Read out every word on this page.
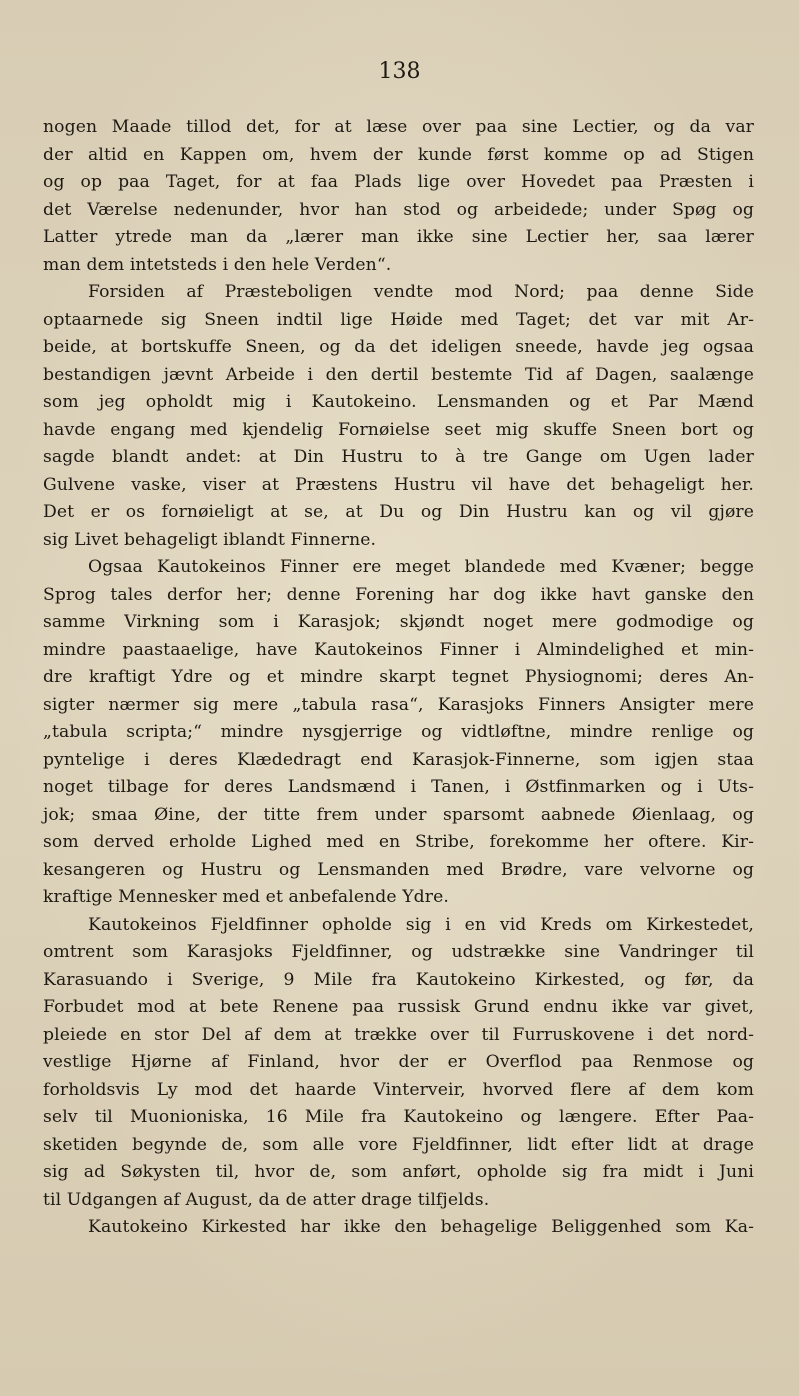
138
nogen Maade tillod det, for at læse over paa sine Lectier, og da var
der altid en Kappen om, hvem der kunde først komme op ad Stigen
og op paa Taget, for at faa Plads lige over Hovedet paa Præsten i
det Værelse nedenunder, hvor han stod og arbeidede; under Spøg og
Latter ytrede man da „lærer man ikke sine Lectier her, saa lærer
man dem intetsteds i den hele Verden“.
Forsiden af Præsteboligen vendte mod Nord; paa denne Side
optaarnede sig Sneen indtil lige Høide med Taget; det var mit Ar-
beide, at bortskuffe Sneen, og da det ideligen sneede, havde jeg ogsaa
bestandigen jævnt Arbeide i den dertil bestemte Tid af Dagen, saalænge
som jeg opholdt mig i Kautokeino. Lensmanden og et Par Mænd
havde engang med kjendelig Fornøielse seet mig skuffe Sneen bort og
sagde blandt andet: at Din Hustru to à tre Gange om Ugen lader
Gulvene vaske, viser at Præstens Hustru vil have det behageligt her.
Det er os fornøieligt at se, at Du og Din Hustru kan og vil gjøre
sig Livet behageligt iblandt Finnerne.
Ogsaa Kautokeinos Finner ere meget blandede med Kvæner; begge
Sprog tales derfor her; denne Forening har dog ikke havt ganske den
samme Virkning som i Karasjok; skjøndt noget mere godmodige og
mindre paastaaelige, have Kautokeinos Finner i Almindelighed et min-
dre kraftigt Ydre og et mindre skarpt tegnet Physiognomi; deres An-
sigter nærmer sig mere „tabula rasa“, Karasjoks Finners Ansigter mere
„tabula scripta;“ mindre nysgjerrige og vidtløftne, mindre renlige og
pyntelige i deres Klædedragt end Karasjok-Finnerne, som igjen staa
noget tilbage for deres Landsmænd i Tanen, i Østfinmarken og i Uts-
jok; smaa Øine, der titte frem under sparsomt aabnede Øienlaag, og
som derved erholde Lighed med en Stribe, forekomme her oftere. Kir-
kesangeren og Hustru og Lensmanden med Brødre, vare velvorne og
kraftige Mennesker med et anbefalende Ydre.
Kautokeinos Fjeldfinner opholde sig i en vid Kreds om Kirkestedet,
omtrent som Karasjoks Fjeldfinner, og udstrække sine Vandringer til
Karasuando i Sverige, 9 Mile fra Kautokeino Kirkested, og før, da
Forbudet mod at bete Renene paa russisk Grund endnu ikke var givet,
pleiede en stor Del af dem at trække over til Furruskovene i det nord-
vestlige Hjørne af Finland, hvor der er Overflod paa Renmose og
forholdsvis Ly mod det haarde Vinterveir, hvorved flere af dem kom
selv til Muonioniska, 16 Mile fra Kautokeino og længere. Efter Paa-
sketiden begynde de, som alle vore Fjeldfinner, lidt efter lidt at drage
sig ad Søkysten til, hvor de, som anført, opholde sig fra midt i Juni
til Udgangen af August, da de atter drage tilfjelds.
Kautokeino Kirkested har ikke den behagelige Beliggenhed som Ka-
